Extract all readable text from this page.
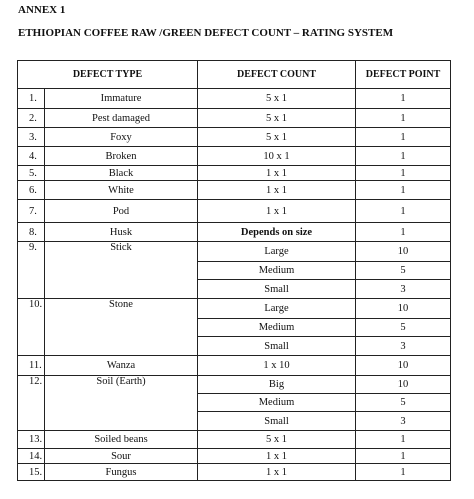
ANNEX 1
ETHIOPIAN COFFEE RAW /GREEN DEFECT COUNT – RATING SYSTEM
DEFECT TYPE		DEFECT COUNT	DEFECT POINT
1.	Immature	5 x 1	1
2.	Pest damaged	5 x 1	1
3.	Foxy	5 x 1	1
4.	Broken	10 x 1	1
5.	Black	1 x 1	1
6.	White	1 x 1	1
7.	Pod	1 x 1	1
8.	Husk	Depends on size	1
9.	Stick	Large	10
		Medium	5
		Small	3
10.	Stone	Large	10
		Medium	5
		Small	3
11.	Wanza	1 x 10	10
12.	Soil (Earth)	Big	10
		Medium	5
		Small	3
13.	Soiled beans	5 x 1	1
14.	Sour	1 x 1	1
15.	Fungus	1 x 1	1
